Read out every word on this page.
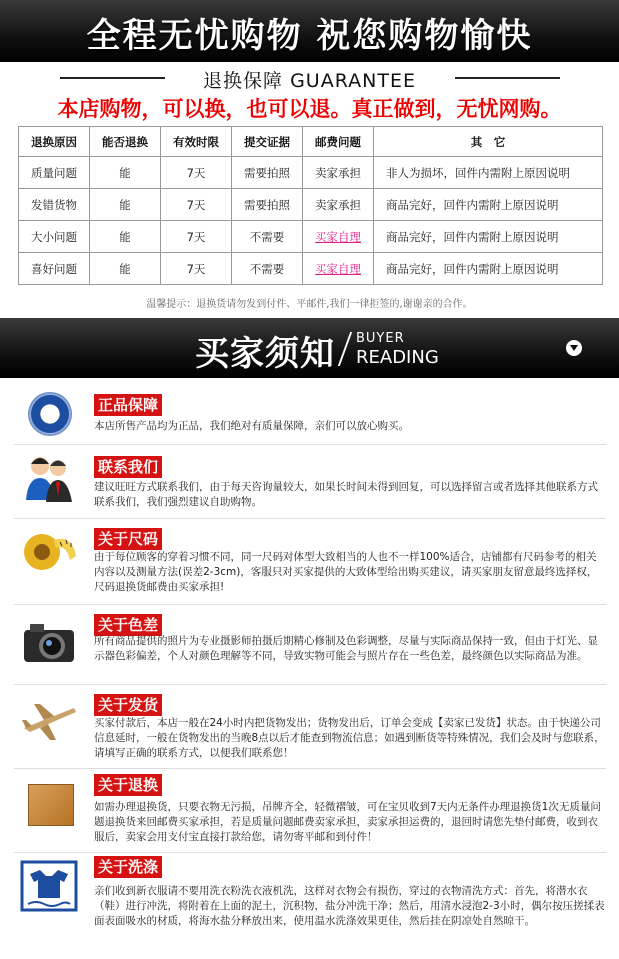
全程无忧购物 祝您购物愉快
退换保障 GUARANTEE
本店购物，可以换，也可以退。真正做到，无忧网购。
退换原因	能否退换	有效时限	提交证据	邮费问题	其　它
质量问题	能	7天	需要拍照	卖家承担	非人为损坏，回件内需附上原因说明
发错货物	能	7天	需要拍照	卖家承担	商品完好，回件内需附上原因说明
大小问题	能	7天	不需要	买家自理	商品完好，回件内需附上原因说明
喜好问题	能	7天	不需要	买家自理	商品完好，回件内需附上原因说明
温馨提示：退换货请勿发到付件、平邮件,我们一律拒签的,谢谢亲的合作。
买家须知 BUYER
READING
S	正品保障
本店所售产品均为正品，我们绝对有质量保障，亲们可以放心购买。
联系我们
建议旺旺方式联系我们，由于每天咨询量较大，如果长时间未得到回复，可以选择留言或者选择其他联系方式联系我们，我们强烈建议自助购物。
关于尺码
由于每位顾客的穿着习惯不同，同一尺码对体型大致相当的人也不一样100%适合，店铺都有尺码参考的相关内容以及测量方法(误差2-3cm)，客服只对买家提供的大致体型给出购买建议，请买家朋友留意最终选择权，尺码退换货邮费由买家承担!
关于色差
所有商品提供的照片为专业摄影师拍摄后期精心修制及色彩调整，尽量与实际商品保持一致，但由于灯光、显示器色彩偏差，个人对颜色理解等不同，导致实物可能会与照片存在一些色差，最终颜色以实际商品为准。
关于发货
买家付款后，本店一般在24小时内把货物发出；货物发出后，订单会变成【卖家已发货】状态。由于快递公司信息延时，一般在货物发出的当晚8点以后才能查到物流信息；如遇到断货等特殊情况，我们会及时与您联系，请填写正确的联系方式，以便我们联系您！
关于退换
如需办理退换货，只要衣物无污损，吊牌齐全，轻微褶皱，可在宝贝收到7天内无条件办理退换货1次无质量问题退换货来回邮费买家承担，若是质量问题邮费卖家承担，卖家承担运费的，退回时请您先垫付邮费，收到衣服后，卖家会用支付宝直接打款给您，请勿寄平邮和到付件！
关于洗涤
亲们收到新衣服请不要用洗衣粉洗衣液机洗，这样对衣物会有损伤，穿过的衣物清洗方式：首先，将潜水衣（鞋）进行冲洗，将附着在上面的泥土，沉积物，盐分冲洗干净；然后，用清水浸泡2-3小时，偶尔按压搓揉表面表面吸水的材质，将海水盐分释放出来，使用温水洗涤效果更佳，然后挂在阴凉处自然晾干。
